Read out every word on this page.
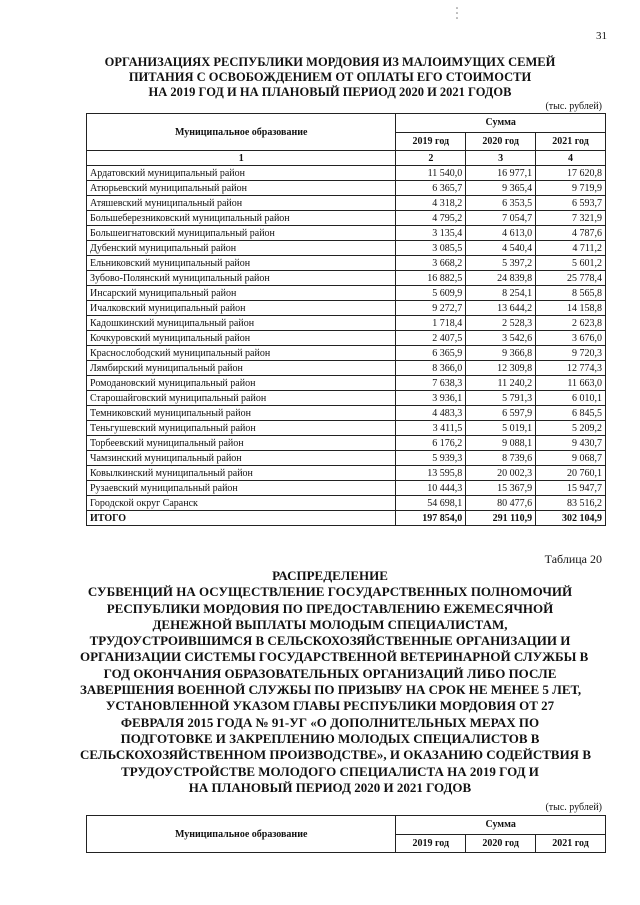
31
ОРГАНИЗАЦИЯХ РЕСПУБЛИКИ МОРДОВИЯ ИЗ МАЛОИМУЩИХ СЕМЕЙ
ПИТАНИЯ С ОСВОБОЖДЕНИЕМ ОТ ОПЛАТЫ ЕГО СТОИМОСТИ
НА 2019 ГОД И НА ПЛАНОВЫЙ ПЕРИОД 2020 И 2021 ГОДОВ
(тыс. рублей)
Муниципальное образование	Сумма		
	2019 год	2020 год	2021 год
1	2	3	4
Ардатовский муниципальный район	11 540,0	16 977,1	17 620,8
Атюрьевский муниципальный район	6 365,7	9 365,4	9 719,9
Атяшевский муниципальный район	4 318,2	6 353,5	6 593,7
Большеберезниковский муниципальный район	4 795,2	7 054,7	7 321,9
Большеигнатовский муниципальный район	3 135,4	4 613,0	4 787,6
Дубенский муниципальный район	3 085,5	4 540,4	4 711,2
Ельниковский муниципальный район	3 668,2	5 397,2	5 601,2
Зубово-Полянский муниципальный район	16 882,5	24 839,8	25 778,4
Инсарский муниципальный район	5 609,9	8 254,1	8 565,8
Ичалковский муниципальный район	9 272,7	13 644,2	14 158,8
Кадошкинский муниципальный район	1 718,4	2 528,3	2 623,8
Кочкуровский муниципальный район	2 407,5	3 542,6	3 676,0
Краснослободский муниципальный район	6 365,9	9 366,8	9 720,3
Лямбирский муниципальный район	8 366,0	12 309,8	12 774,3
Ромодановский муниципальный район	7 638,3	11 240,2	11 663,0
Старошайговский муниципальный район	3 936,1	5 791,3	6 010,1
Темниковский муниципальный район	4 483,3	6 597,9	6 845,5
Теньгушевский муниципальный район	3 411,5	5 019,1	5 209,2
Торбеевский муниципальный район	6 176,2	9 088,1	9 430,7
Чамзинский муниципальный район	5 939,3	8 739,6	9 068,7
Ковылкинский муниципальный район	13 595,8	20 002,3	20 760,1
Рузаевский муниципальный район	10 444,3	15 367,9	15 947,7
Городской округ Саранск	54 698,1	80 477,6	83 516,2
ИТОГО	197 854,0	291 110,9	302 104,9
Таблица 20
РАСПРЕДЕЛЕНИЕ
СУБВЕНЦИЙ НА ОСУЩЕСТВЛЕНИЕ ГОСУДАРСТВЕННЫХ ПОЛНОМОЧИЙ
РЕСПУБЛИКИ МОРДОВИЯ ПО ПРЕДОСТАВЛЕНИЮ ЕЖЕМЕСЯЧНОЙ
ДЕНЕЖНОЙ ВЫПЛАТЫ МОЛОДЫМ СПЕЦИАЛИСТАМ,
ТРУДОУСТРОИВШИМСЯ В СЕЛЬСКОХОЗЯЙСТВЕННЫЕ ОРГАНИЗАЦИИ И
ОРГАНИЗАЦИИ СИСТЕМЫ ГОСУДАРСТВЕННОЙ ВЕТЕРИНАРНОЙ СЛУЖБЫ В
ГОД ОКОНЧАНИЯ ОБРАЗОВАТЕЛЬНЫХ ОРГАНИЗАЦИЙ ЛИБО ПОСЛЕ
ЗАВЕРШЕНИЯ ВОЕННОЙ СЛУЖБЫ ПО ПРИЗЫВУ НА СРОК НЕ МЕНЕЕ 5 ЛЕТ,
УСТАНОВЛЕННОЙ УКАЗОМ ГЛАВЫ РЕСПУБЛИКИ МОРДОВИЯ ОТ 27
ФЕВРАЛЯ 2015 ГОДА № 91-УГ «О ДОПОЛНИТЕЛЬНЫХ МЕРАХ ПО
ПОДГОТОВКЕ И ЗАКРЕПЛЕНИЮ МОЛОДЫХ СПЕЦИАЛИСТОВ В
СЕЛЬСКОХОЗЯЙСТВЕННОМ ПРОИЗВОДСТВЕ», И ОКАЗАНИЮ СОДЕЙСТВИЯ В
ТРУДОУСТРОЙСТВЕ МОЛОДОГО СПЕЦИАЛИСТА НА 2019 ГОД И
НА ПЛАНОВЫЙ ПЕРИОД 2020 И 2021 ГОДОВ
(тыс. рублей)
Муниципальное образование	Сумма		
	2019 год	2020 год	2021 год
